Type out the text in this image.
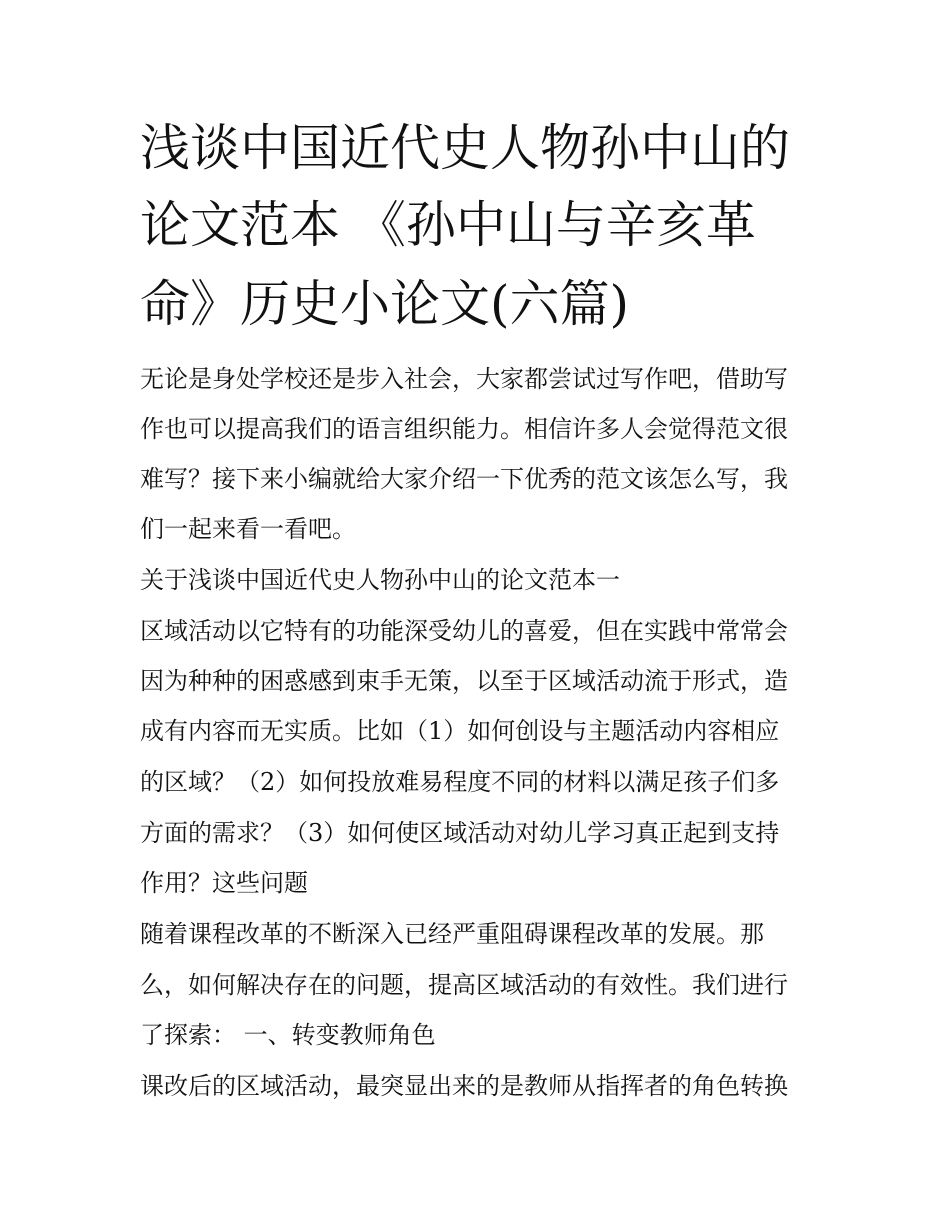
浅谈中国近代史人物孙中山的
论文范本 《孙中山与辛亥革
命》历史小论文(六篇)

无论是身处学校还是步入社会，大家都尝试过写作吧，借助写

作也可以提高我们的语言组织能力。相信许多人会觉得范文很

难写？接下来小编就给大家介绍一下优秀的范文该怎么写，我

们一起来看一看吧。

关于浅谈中国近代史人物孙中山的论文范本一

区域活动以它特有的功能深受幼儿的喜爱，但在实践中常常会

因为种种的困惑感到束手无策，以至于区域活动流于形式，造

成有内容而无实质。比如（1）如何创设与主题活动内容相应

的区域？（2）如何投放难易程度不同的材料以满足孩子们多

方面的需求？（3）如何使区域活动对幼儿学习真正起到支持

作用？这些问题

随着课程改革的不断深入已经严重阻碍课程改革的发展。那

么，如何解决存在的问题，提高区域活动的有效性。我们进行

了探索： 一、转变教师角色

课改后的区域活动，最突显出来的是教师从指挥者的角色转换
